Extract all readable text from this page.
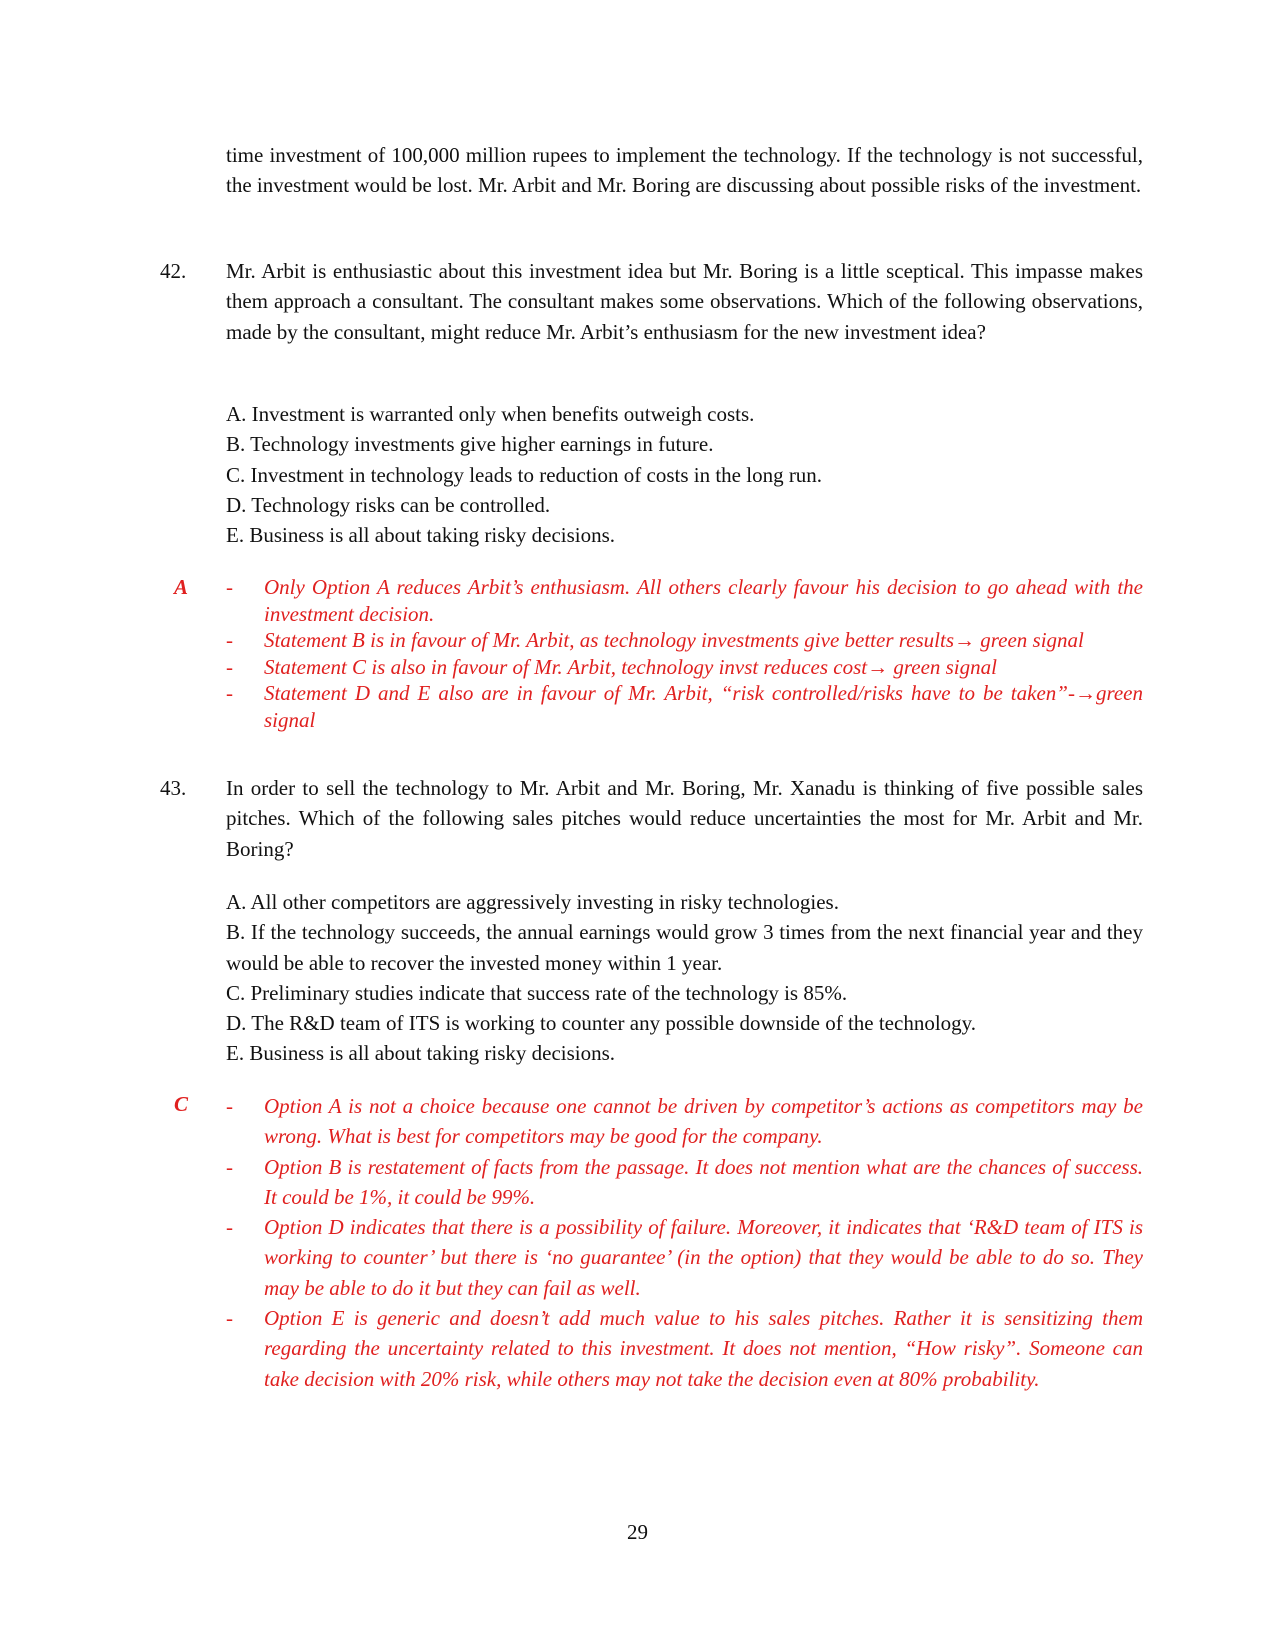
time investment of 100,000 million rupees to implement the technology. If the technology is not successful, the investment would be lost. Mr. Arbit and Mr. Boring are discussing about possible risks of the investment.
42. Mr. Arbit is enthusiastic about this investment idea but Mr. Boring is a little sceptical. This impasse makes them approach a consultant. The consultant makes some observations. Which of the following observations, made by the consultant, might reduce Mr. Arbit’s enthusiasm for the new investment idea?
A. Investment is warranted only when benefits outweigh costs.
B. Technology investments give higher earnings in future.
C. Investment in technology leads to reduction of costs in the long run.
D. Technology risks can be controlled.
E. Business is all about taking risky decisions.
A - Only Option A reduces Arbit’s enthusiasm. All others clearly favour his decision to go ahead with the investment decision.
- Statement B is in favour of Mr. Arbit, as technology investments give better results→ green signal
- Statement C is also in favour of Mr. Arbit, technology invst reduces cost→ green signal
- Statement D and E also are in favour of Mr. Arbit, “risk controlled/risks have to be taken”-→green signal
43. In order to sell the technology to Mr. Arbit and Mr. Boring, Mr. Xanadu is thinking of five possible sales pitches. Which of the following sales pitches would reduce uncertainties the most for Mr. Arbit and Mr. Boring?
A. All other competitors are aggressively investing in risky technologies.
B. If the technology succeeds, the annual earnings would grow 3 times from the next financial year and they would be able to recover the invested money within 1 year.
C. Preliminary studies indicate that success rate of the technology is 85%.
D. The R&D team of ITS is working to counter any possible downside of the technology.
E. Business is all about taking risky decisions.
C - Option A is not a choice because one cannot be driven by competitor’s actions as competitors may be wrong. What is best for competitors may be good for the company.
- Option B is restatement of facts from the passage. It does not mention what are the chances of success. It could be 1%, it could be 99%.
- Option D indicates that there is a possibility of failure. Moreover, it indicates that ‘R&D team of ITS is working to counter’ but there is ‘no guarantee’ (in the option) that they would be able to do so. They may be able to do it but they can fail as well.
- Option E is generic and doesn’t add much value to his sales pitches. Rather it is sensitizing them regarding the uncertainty related to this investment. It does not mention, “How risky”. Someone can take decision with 20% risk, while others may not take the decision even at 80% probability.
29
